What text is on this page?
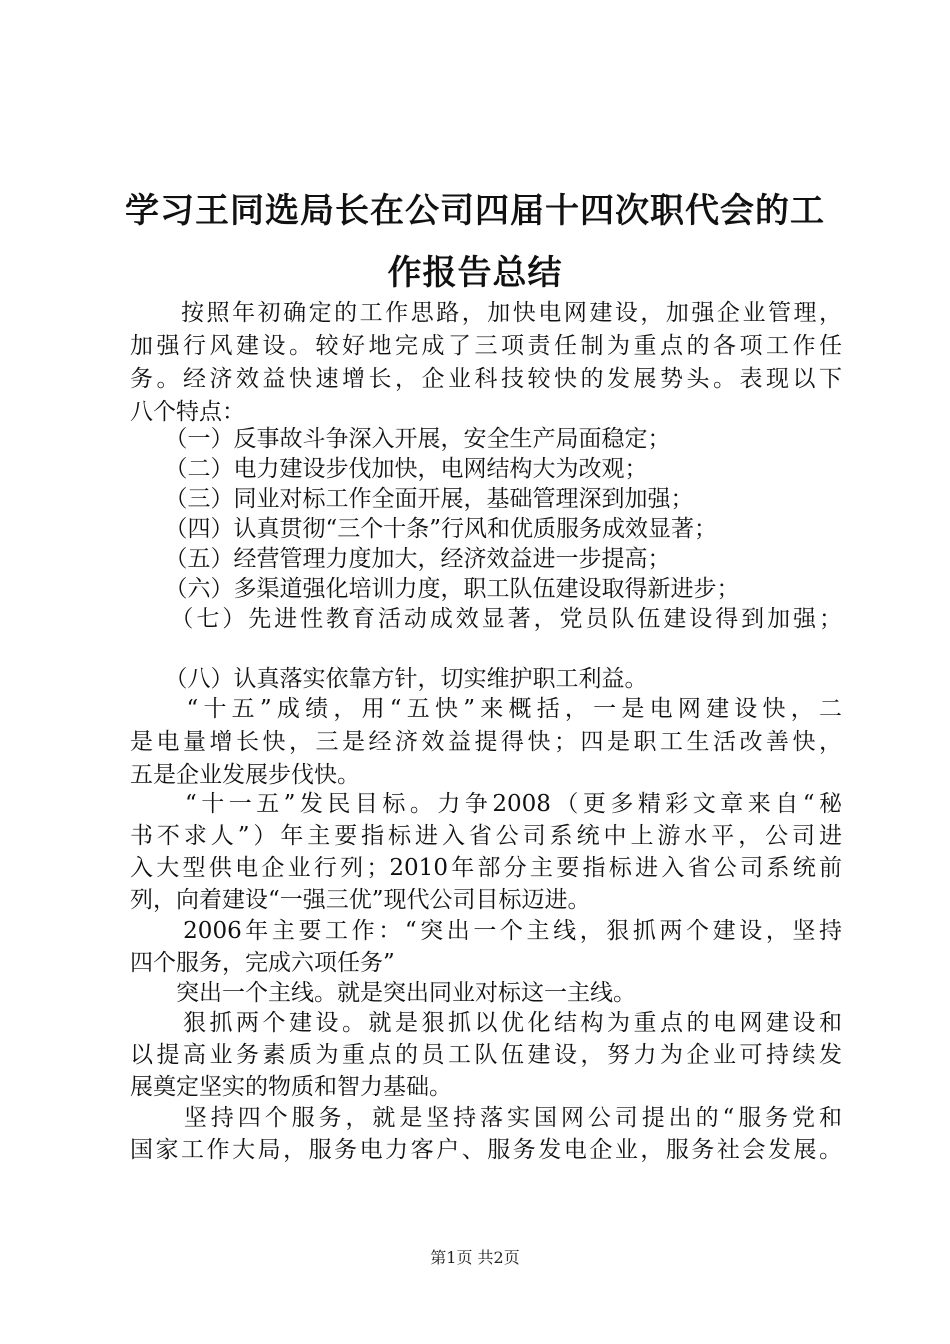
学习王同选局长在公司四届十四次职代会的工
作报告总结
　　按照年初确定的工作思路，加快电网建设，加强企业管理，
加强行风建设。较好地完成了三项责任制为重点的各项工作任
务。经济效益快速增长，企业科技较快的发展势头。表现以下
八个特点：
　　（一）反事故斗争深入开展，安全生产局面稳定；
　　（二）电力建设步伐加快，电网结构大为改观；
　　（三）同业对标工作全面开展，基础管理深到加强；
　　（四）认真贯彻“三个十条”行风和优质服务成效显著；
　　（五）经营管理力度加大，经济效益进一步提高；
　　（六）多渠道强化培训力度，职工队伍建设取得新进步；
　　（七）先进性教育活动成效显著，党员队伍建设得到加强；
　　（八）认真落实依靠方针，切实维护职工利益。
　　“十五”成绩，用“五快”来概括，一是电网建设快，二
是电量增长快，三是经济效益提得快；四是职工生活改善快，
五是企业发展步伐快。
　　“十一五”发民目标。力争2008（更多精彩文章来自“秘
书不求人”）年主要指标进入省公司系统中上游水平，公司进
入大型供电企业行列；2010年部分主要指标进入省公司系统前
列，向着建设“一强三优”现代公司目标迈进。
　　2006年主要工作：“突出一个主线，狠抓两个建设，坚持
四个服务，完成六项任务”
　　突出一个主线。就是突出同业对标这一主线。
　　狠抓两个建设。就是狠抓以优化结构为重点的电网建设和
以提高业务素质为重点的员工队伍建设，努力为企业可持续发
展奠定坚实的物质和智力基础。
　　坚持四个服务，就是坚持落实国网公司提出的“服务党和
国家工作大局，服务电力客户、服务发电企业，服务社会发展。
第1页 共2页
